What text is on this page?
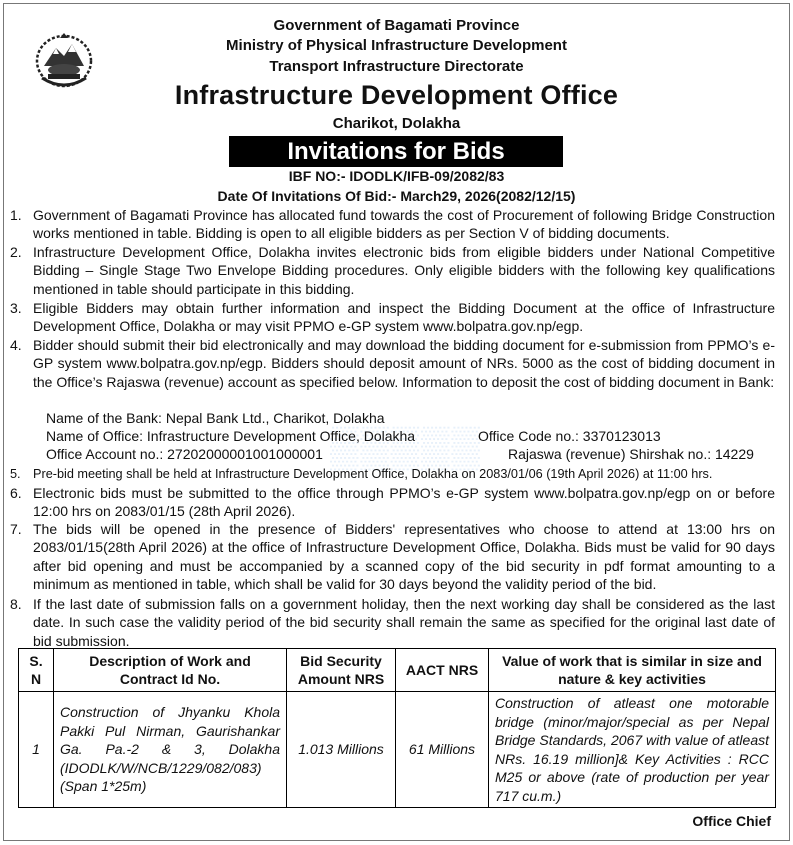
Government of Bagamati Province
Ministry of Physical Infrastructure Development
Transport Infrastructure Directorate
Infrastructure Development Office
Charikot, Dolakha
Invitations for Bids
IBF NO:- IDODLK/IFB-09/2082/83
Date Of Invitations Of Bid:- March29, 2026(2082/12/15)
▒▒▒▒▒
1. Government of Bagamati Province has allocated fund towards the cost of Procurement of following Bridge Construction works mentioned in table. Bidding is open to all eligible bidders as per Section V of bidding documents.
2. Infrastructure Development Office, Dolakha invites electronic bids from eligible bidders under National Competitive Bidding – Single Stage Two Envelope Bidding procedures. Only eligible bidders with the following key qualifications mentioned in table should participate in this bidding.
3. Eligible Bidders may obtain further information and inspect the Bidding Document at the office of Infrastructure Development Office, Dolakha or may visit PPMO e-GP system www.bolpatra.gov.np/egp.
4. Bidder should submit their bid electronically and may download the bidding document for e-submission from PPMO’s e-GP system www.bolpatra.gov.np/egp. Bidders should deposit amount of NRs. 5000 as the cost of bidding document in the Office’s Rajaswa (revenue) account as specified below. Information to deposit the cost of bidding document in Bank:
Name of the Bank: Nepal Bank Ltd., Charikot, Dolakha
Name of Office: Infrastructure Development Office, Dolakha	Office Code no.: 3370123013
Office Account no.: 27202000001001000001	Rajaswa (revenue) Shirshak no.: 14229
5. Pre-bid meeting shall be held at Infrastructure Development Office, Dolakha on 2083/01/06 (19th April 2026) at 11:00 hrs.
6. Electronic bids must be submitted to the office through PPMO’s e-GP system www.bolpatra.gov.np/egp on or before 12:00 hrs on 2083/01/15 (28th April 2026).
7. The bids will be opened in the presence of Bidders' representatives who choose to attend at 13:00 hrs on 2083/01/15(28th April 2026) at the office of Infrastructure Development Office, Dolakha. Bids must be valid for 90 days after bid opening and must be accompanied by a scanned copy of the bid security in pdf format amounting to a minimum as mentioned in table, which shall be valid for 30 days beyond the validity period of the bid.
8. If the last date of submission falls on a government holiday, then the next working day shall be considered as the last date. In such case the validity period of the bid security shall remain the same as specified for the original last date of bid submission.
S. N	Description of Work and Contract Id No.	Bid Security Amount NRS	AACT NRS	Value of work that is similar in size and nature & key activities
1	Construction of Jhyanku Khola Pakki Pul Nirman, Gaurishankar Ga. Pa.-2 & 3, Dolakha (IDODLK/W/NCB/1229/082/083) (Span 1*25m)	1.013 Millions	61 Millions	Construction of atleast one motorable bridge (minor/major/special as per Nepal Bridge Standards, 2067 with value of atleast NRs. 16.19 million]& Key Activities : RCC M25 or above (rate of production per year 717 cu.m.)
Office Chief
